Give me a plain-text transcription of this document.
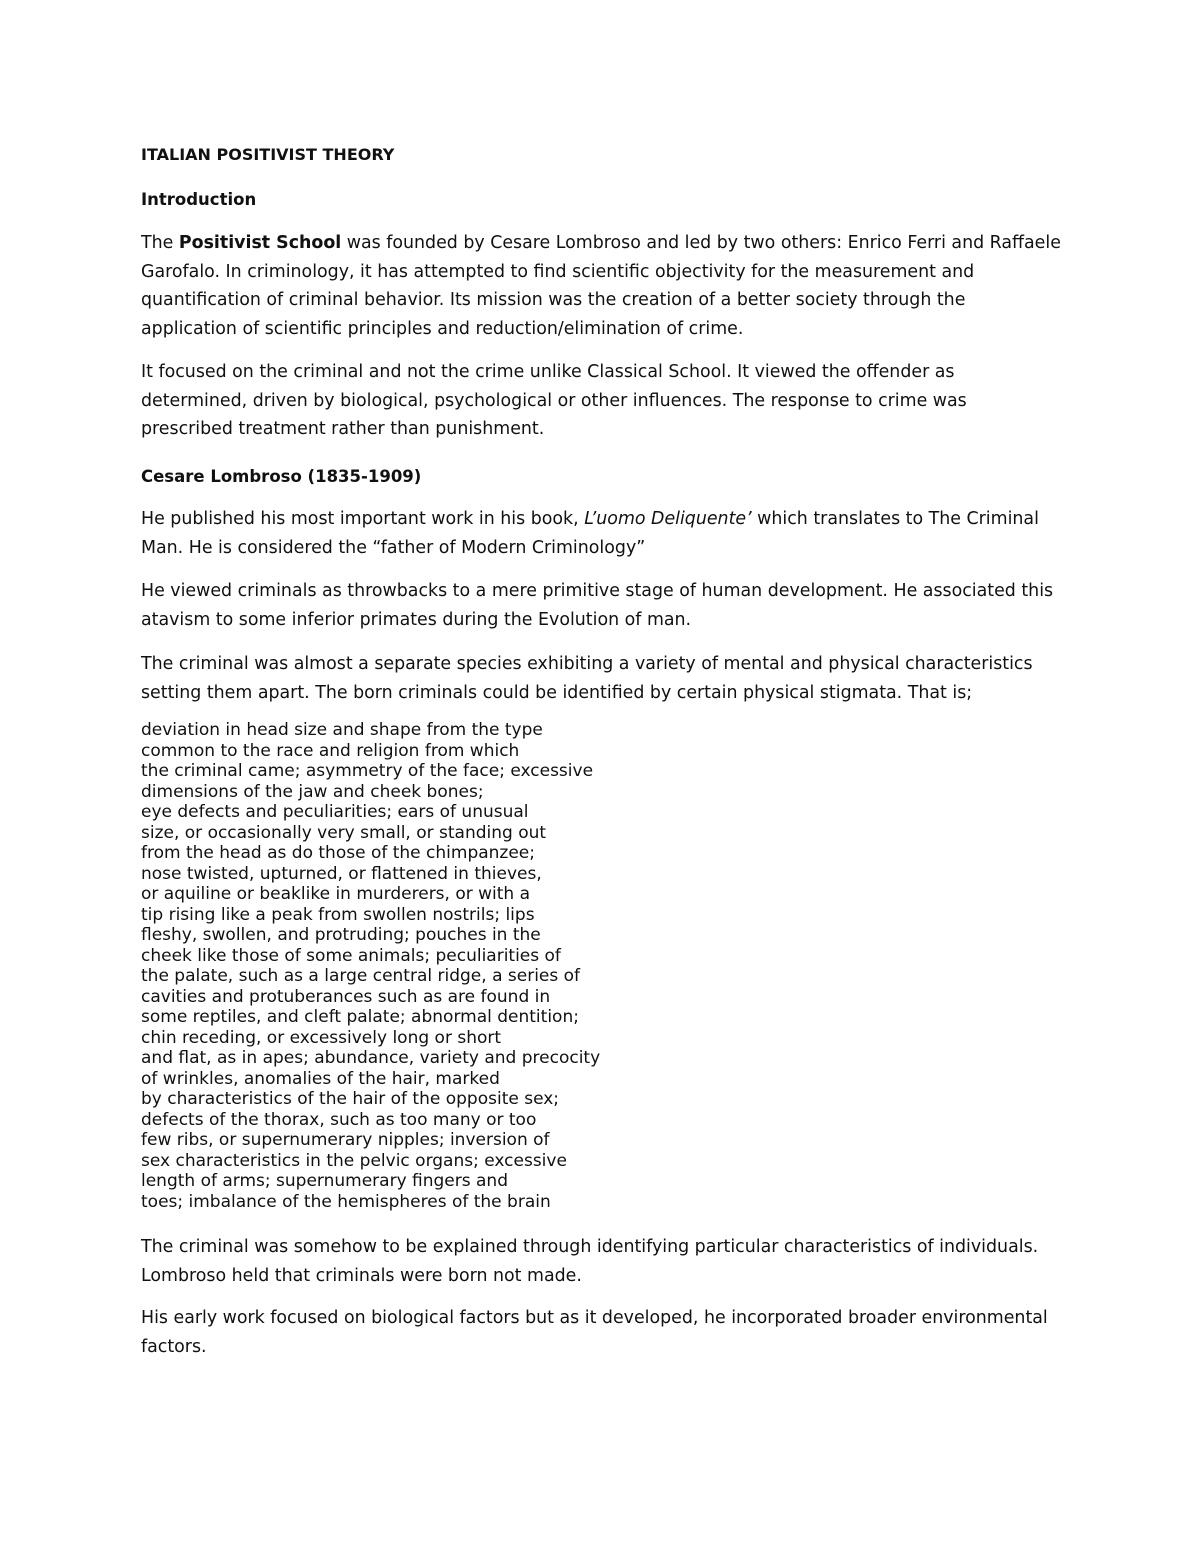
ITALIAN POSITIVIST THEORY
Introduction

The Positivist School was founded by Cesare Lombroso and led by two others: Enrico Ferri and Raffaele
Garofalo. In criminology, it has attempted to find scientific objectivity for the measurement and
quantification of criminal behavior. Its mission was the creation of a better society through the
application of scientific principles and reduction/elimination of crime.

It focused on the criminal and not the crime unlike Classical School. It viewed the offender as
determined, driven by biological, psychological or other influences. The response to crime was
prescribed treatment rather than punishment.

Cesare Lombroso (1835-1909)

He published his most important work in his book, L’uomo Deliquente’ which translates to The Criminal
Man. He is considered the “father of Modern Criminology”

He viewed criminals as throwbacks to a mere primitive stage of human development. He associated this
atavism to some inferior primates during the Evolution of man.

The criminal was almost a separate species exhibiting a variety of mental and physical characteristics
setting them apart. The born criminals could be identified by certain physical stigmata. That is;

deviation in head size and shape from the type
common to the race and religion from which
the criminal came; asymmetry of the face; excessive
dimensions of the jaw and cheek bones;
eye defects and peculiarities; ears of unusual
size, or occasionally very small, or standing out
from the head as do those of the chimpanzee;
nose twisted, upturned, or flattened in thieves,
or aquiline or beaklike in murderers, or with a
tip rising like a peak from swollen nostrils; lips
fleshy, swollen, and protruding; pouches in the
cheek like those of some animals; peculiarities of
the palate, such as a large central ridge, a series of
cavities and protuberances such as are found in
some reptiles, and cleft palate; abnormal dentition;
chin receding, or excessively long or short
and flat, as in apes; abundance, variety and precocity
of wrinkles, anomalies of the hair, marked
by characteristics of the hair of the opposite sex;
defects of the thorax, such as too many or too
few ribs, or supernumerary nipples; inversion of
sex characteristics in the pelvic organs; excessive
length of arms; supernumerary fingers and
toes; imbalance of the hemispheres of the brain

The criminal was somehow to be explained through identifying particular characteristics of individuals.
Lombroso held that criminals were born not made.

His early work focused on biological factors but as it developed, he incorporated broader environmental
factors.
